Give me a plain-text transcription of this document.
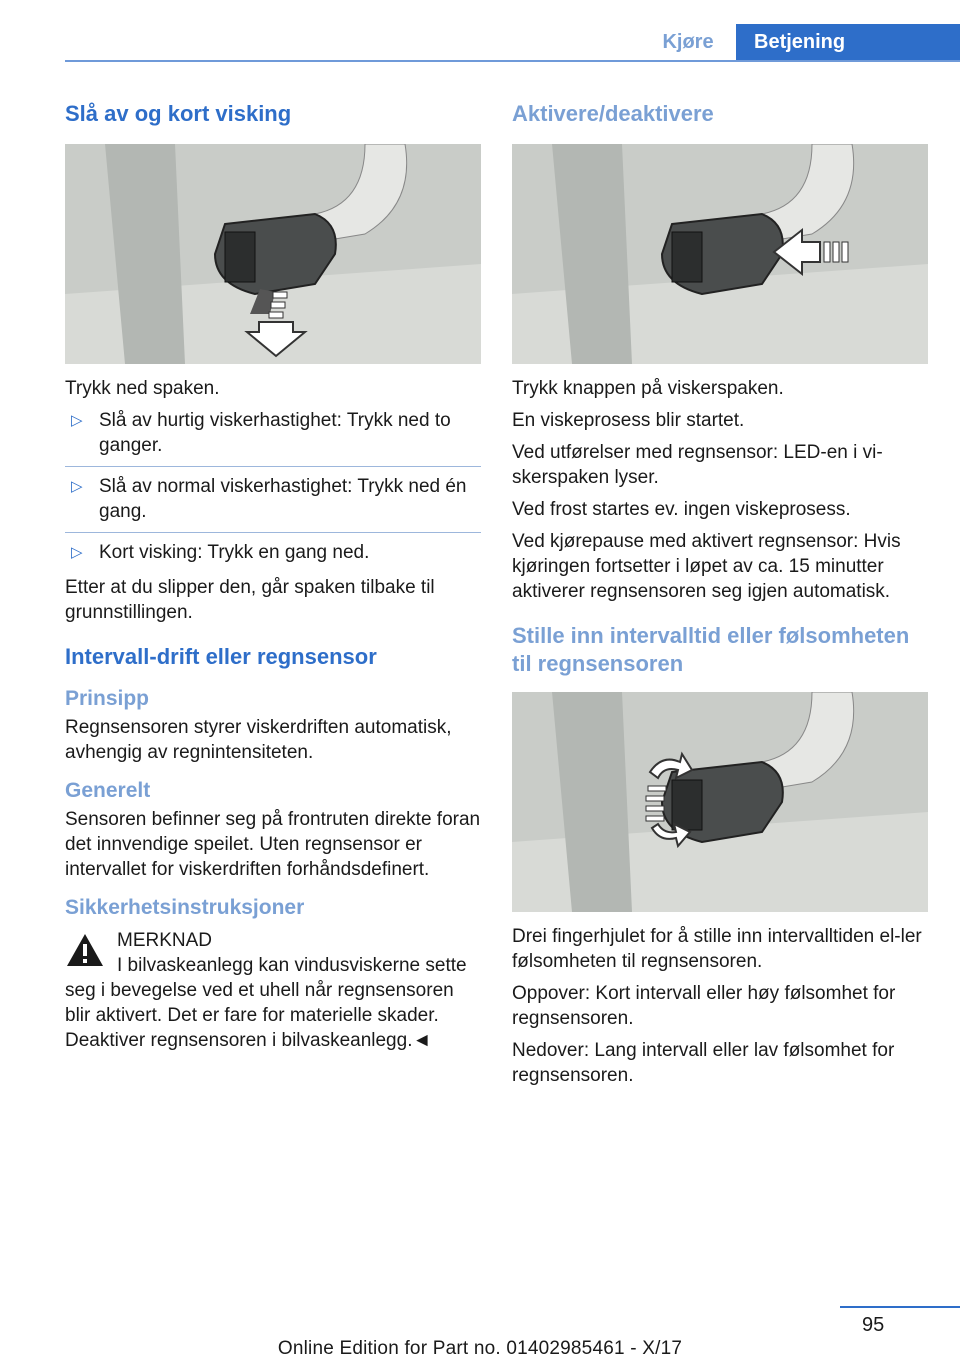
Kjøre	Betjening
Slå av og kort visking

Trykk ned spaken.

▷ Slå av hurtig viskerhastighet: Trykk ned to ganger.
▷ Slå av normal viskerhastighet: Trykk ned én gang.
▷ Kort visking: Trykk en gang ned.

Etter at du slipper den, går spaken tilbake til grunnstillingen.

Intervall-drift eller regnsensor
Prinsipp

Regnsensoren styrer viskerdriften automatisk, avhengig av regnintensiteten.

Generelt

Sensoren befinner seg på frontruten direkte foran det innvendige speilet. Uten regnsensor er intervallet for viskerdriften forhåndsdefinert.

Sikkerhetsinstruksjoner
MERKNAD
I bilvaskeanlegg kan vindusviskerne sette seg i bevegelse ved et uhell når regnsensoren blir aktivert. Det er fare for materielle skader. Deaktiver regnsensoren i bilvaskeanlegg.◄
Aktivere/deaktivere

Trykk knappen på viskerspaken.

En viskeprosess blir startet.

Ved utførelser med regnsensor: LED-en i vi-skerspaken lyser.

Ved frost startes ev. ingen viskeprosess.

Ved kjørepause med aktivert regnsensor: Hvis kjøringen fortsetter i løpet av ca. 15 minutter aktiverer regnsensoren seg igjen automatisk.

Stille inn intervalltid eller følsomheten til regnsensoren

Drei fingerhjulet for å stille inn intervalltiden el-ler følsomheten til regnsensoren.

Oppover: Kort intervall eller høy følsomhet for regnsensoren.

Nedover: Lang intervall eller lav følsomhet for regnsensoren.

95
Online Edition for Part no. 01402985461 - X/17
